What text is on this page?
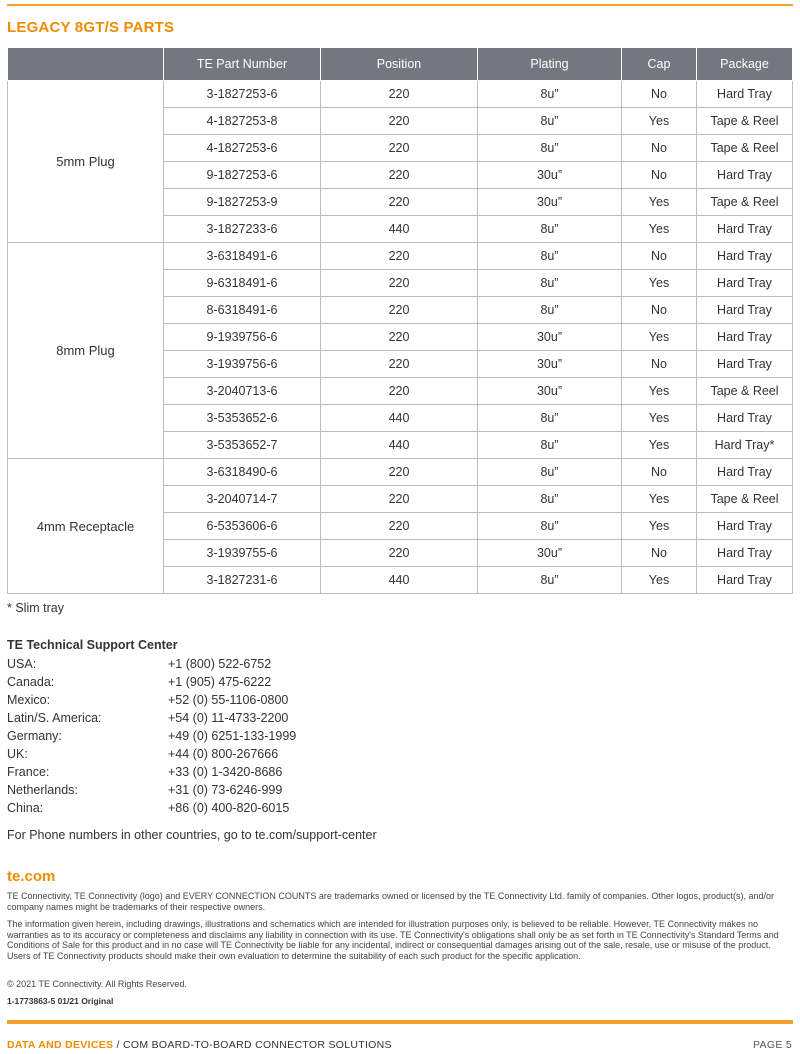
LEGACY 8GT/S PARTS
	TE Part Number	Position	Plating	Cap	Package
5mm Plug	3-1827253-6	220	8u”	No	Hard Tray
	4-1827253-8	220	8u”	Yes	Tape & Reel
	4-1827253-6	220	8u”	No	Tape & Reel
	9-1827253-6	220	30u”	No	Hard Tray
	9-1827253-9	220	30u”	Yes	Tape & Reel
	3-1827233-6	440	8u”	Yes	Hard Tray
8mm Plug	3-6318491-6	220	8u”	No	Hard Tray
	9-6318491-6	220	8u”	Yes	Hard Tray
	8-6318491-6	220	8u”	No	Hard Tray
	9-1939756-6	220	30u”	Yes	Hard Tray
	3-1939756-6	220	30u”	No	Hard Tray
	3-2040713-6	220	30u”	Yes	Tape & Reel
	3-5353652-6	440	8u”	Yes	Hard Tray
	3-5353652-7	440	8u”	Yes	Hard Tray*
4mm Receptacle	3-6318490-6	220	8u”	No	Hard Tray
	3-2040714-7	220	8u”	Yes	Tape & Reel
	6-5353606-6	220	8u”	Yes	Hard Tray
	3-1939755-6	220	30u”	No	Hard Tray
	3-1827231-6	440	8u”	Yes	Hard Tray
* Slim tray
TE Technical Support Center
USA:	+1 (800) 522-6752
Canada:	+1 (905) 475-6222
Mexico:	+52 (0) 55-1106-0800
Latin/S. America:	+54 (0) 11-4733-2200
Germany:	+49 (0) 6251-133-1999
UK:	+44 (0) 800-267666
France:	+33 (0) 1-3420-8686
Netherlands:	+31 (0) 73-6246-999
China:	+86 (0) 400-820-6015
For Phone numbers in other countries, go to te.com/support-center
te.com
TE Connectivity, TE Connectivity (logo) and EVERY CONNECTION COUNTS are trademarks owned or licensed by the TE Connectivity Ltd. family of companies. Other logos, product(s), and/or company names might be trademarks of their respective owners.
The information given herein, including drawings, illustrations and schematics which are intended for illustration purposes only, is believed to be reliable. However, TE Connectivity makes no warranties as to its accuracy or completeness and disclaims any liability in connection with its use. TE Connectivity's obligations shall only be as set forth in TE Connectivity's Standard Terms and Conditions of Sale for this product and in no case will TE Connectivity be liable for any incidental, indirect or consequential damages arising out of the sale, resale, use or misuse of the product. Users of TE Connectivity products should make their own evaluation to determine the suitability of each such product for the specific application.
© 2021 TE Connectivity. All Rights Reserved.
1-1773863-5 01/21 Original
DATA AND DEVICES / COM BOARD-TO-BOARD CONNECTOR SOLUTIONS	PAGE 5
